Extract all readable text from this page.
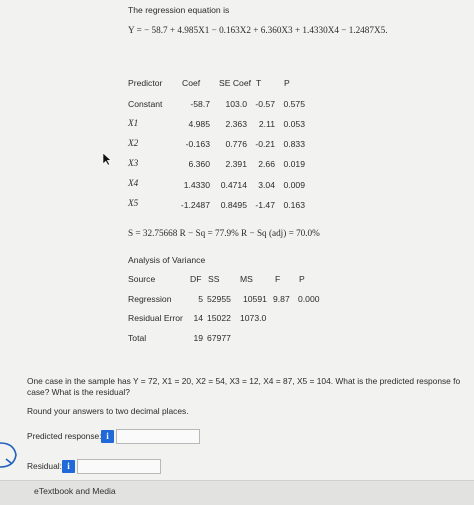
The regression equation is
Y = − 58.7 + 4.985X1 − 0.163X2 + 6.360X3 + 1.4330X4 − 1.2487X5.
Predictor Coef SE Coef T	P
Constant	-58.7	103.0 -0.57 0.575
X1	4.985	2.363	2.11 0.053
X2	-0.163	0.776 -0.21 0.833
X3	6.360	2.391	2.66 0.019
X4	1.4330	0.4714	3.04 0.009
X5	-1.2487	0.8495 -1.47 0.163
S = 32.75668 R − Sq = 77.9% R − Sq (adj) = 70.0%
Analysis of Variance
Source	DF SS MS	F P
Regression	5 52955 10591 9.87 0.000
Residual Error	14 15022 1073.0
Total	19 67977
One case in the sample has Y = 72, X1 = 20, X2 = 54, X3 = 12, X4 = 87, X5 = 104. What is the predicted response fo
case? What is the residual?
Round your answers to two decimal places.
Predicted response: i
Residual: i
eTextbook and Media
